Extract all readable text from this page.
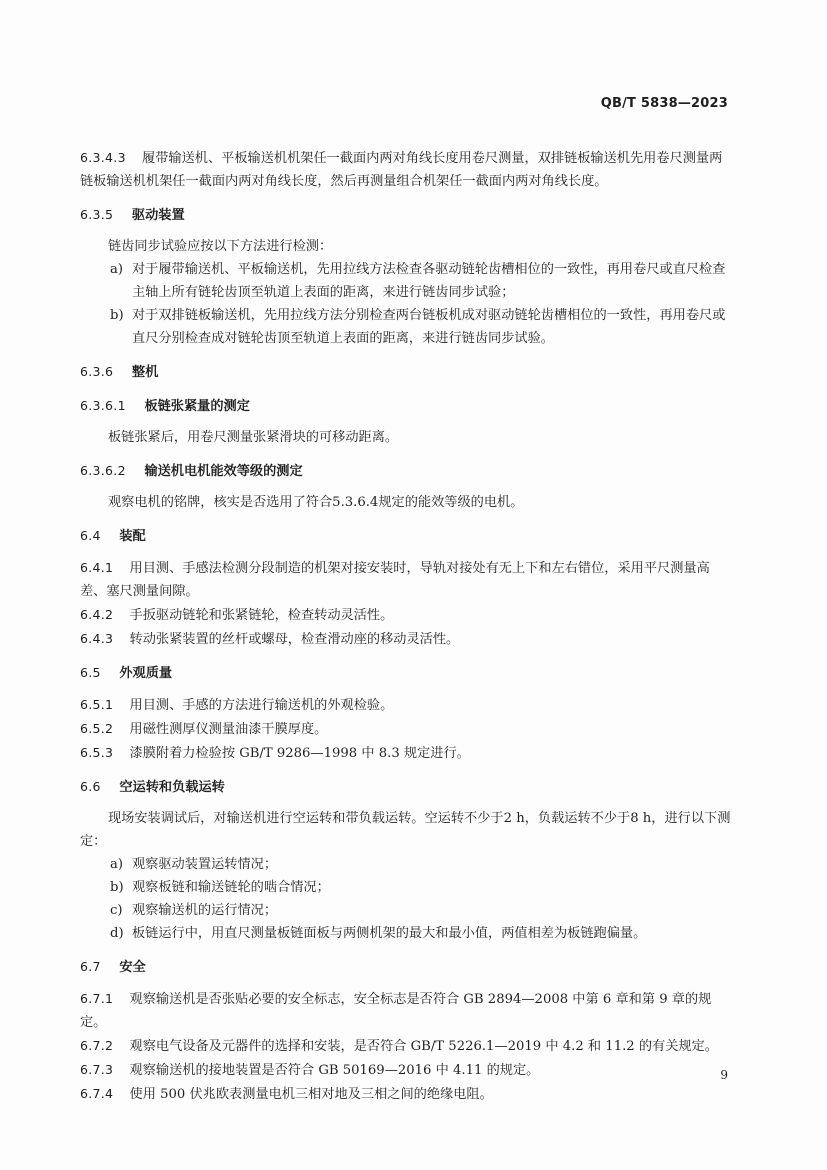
QB/T 5838—2023

6.3.4.3 履带输送机、平板输送机机架任一截面内两对角线长度用卷尺测量，双排链板输送机先用卷尺测量两链板输送机机架任一截面内两对角线长度，然后再测量组合机架任一截面内两对角线长度。

6.3.5 驱动装置

链齿同步试验应按以下方法进行检测：

a) 对于履带输送机、平板输送机，先用拉线方法检查各驱动链轮齿槽相位的一致性，再用卷尺或直尺检查主轴上所有链轮齿顶至轨道上表面的距离，来进行链齿同步试验；
b) 对于双排链板输送机，先用拉线方法分别检查两台链板机成对驱动链轮齿槽相位的一致性，再用卷尺或直尺分别检查成对链轮齿顶至轨道上表面的距离，来进行链齿同步试验。
6.3.6 整机
6.3.6.1 板链张紧量的测定

板链张紧后，用卷尺测量张紧滑块的可移动距离。

6.3.6.2 输送机电机能效等级的测定

观察电机的铭牌，核实是否选用了符合5.3.6.4规定的能效等级的电机。

6.4 装配

6.4.1 用目测、手感法检测分段制造的机架对接安装时，导轨对接处有无上下和左右错位，采用平尺测量高差、塞尺测量间隙。

6.4.2 手扳驱动链轮和张紧链轮，检查转动灵活性。

6.4.3 转动张紧装置的丝杆或螺母，检查滑动座的移动灵活性。

6.5 外观质量

6.5.1 用目测、手感的方法进行输送机的外观检验。

6.5.2 用磁性测厚仪测量油漆干膜厚度。

6.5.3 漆膜附着力检验按 GB/T 9286—1998 中 8.3 规定进行。

6.6 空运转和负载运转

现场安装调试后，对输送机进行空运转和带负载运转。空运转不少于2 h，负载运转不少于8 h，进行以下测定：

a) 观察驱动装置运转情况；
b) 观察板链和输送链轮的啮合情况；
c) 观察输送机的运行情况；
d) 板链运行中，用直尺测量板链面板与两侧机架的最大和最小值，两值相差为板链跑偏量。
6.7 安全

6.7.1 观察输送机是否张贴必要的安全标志，安全标志是否符合 GB 2894—2008 中第 6 章和第 9 章的规定。

6.7.2 观察电气设备及元器件的选择和安装，是否符合 GB/T 5226.1—2019 中 4.2 和 11.2 的有关规定。

6.7.3 观察输送机的接地装置是否符合 GB 50169—2016 中 4.11 的规定。

6.7.4 使用 500 伏兆欧表测量电机三相对地及三相之间的绝缘电阻。

9
